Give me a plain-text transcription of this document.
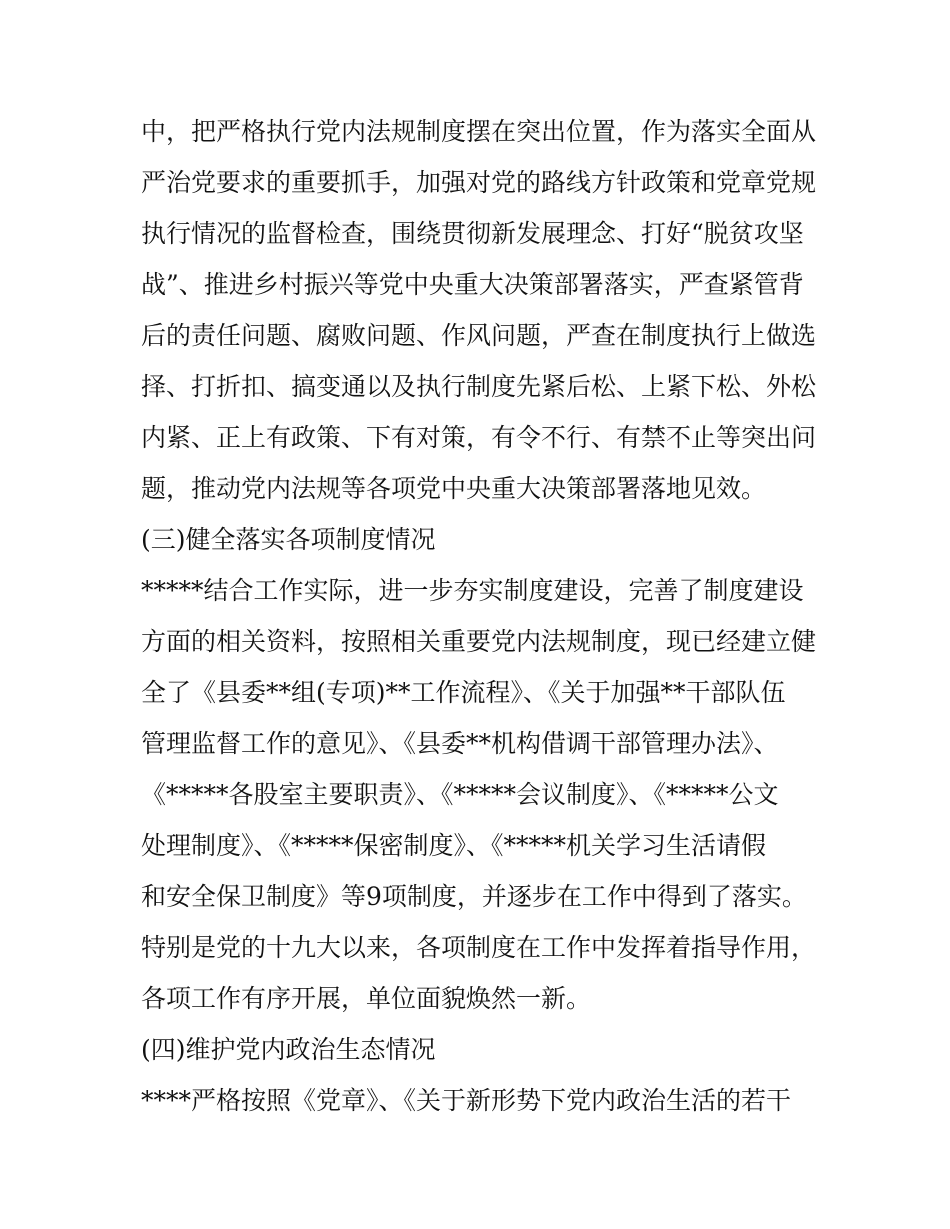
中，把严格执行党内法规制度摆在突出位置，作为落实全面从
严治党要求的重要抓手，加强对党的路线方针政策和党章党规
执行情况的监督检查，围绕贯彻新发展理念、打好“脱贫攻坚
战”、推进乡村振兴等党中央重大决策部署落实，严查紧管背
后的责任问题、腐败问题、作风问题，严查在制度执行上做选
择、打折扣、搞变通以及执行制度先紧后松、上紧下松、外松
内紧、正上有政策、下有对策，有令不行、有禁不止等突出问
题，推动党内法规等各项党中央重大决策部署落地见效。
(三)健全落实各项制度情况
*****结合工作实际，进一步夯实制度建设，完善了制度建设
方面的相关资料，按照相关重要党内法规制度，现已经建立健
全了《县委**组(专项)**工作流程》、《关于加强**干部队伍
管理监督工作的意见》、《县委**机构借调干部管理办法》、
《*****各股室主要职责》、《*****会议制度》、《*****公文
处理制度》、《*****保密制度》、《*****机关学习生活请假
和安全保卫制度》等9项制度，并逐步在工作中得到了落实。
特别是党的十九大以来，各项制度在工作中发挥着指导作用，
各项工作有序开展，单位面貌焕然一新。
(四)维护党内政治生态情况
****严格按照《党章》、《关于新形势下党内政治生活的若干
